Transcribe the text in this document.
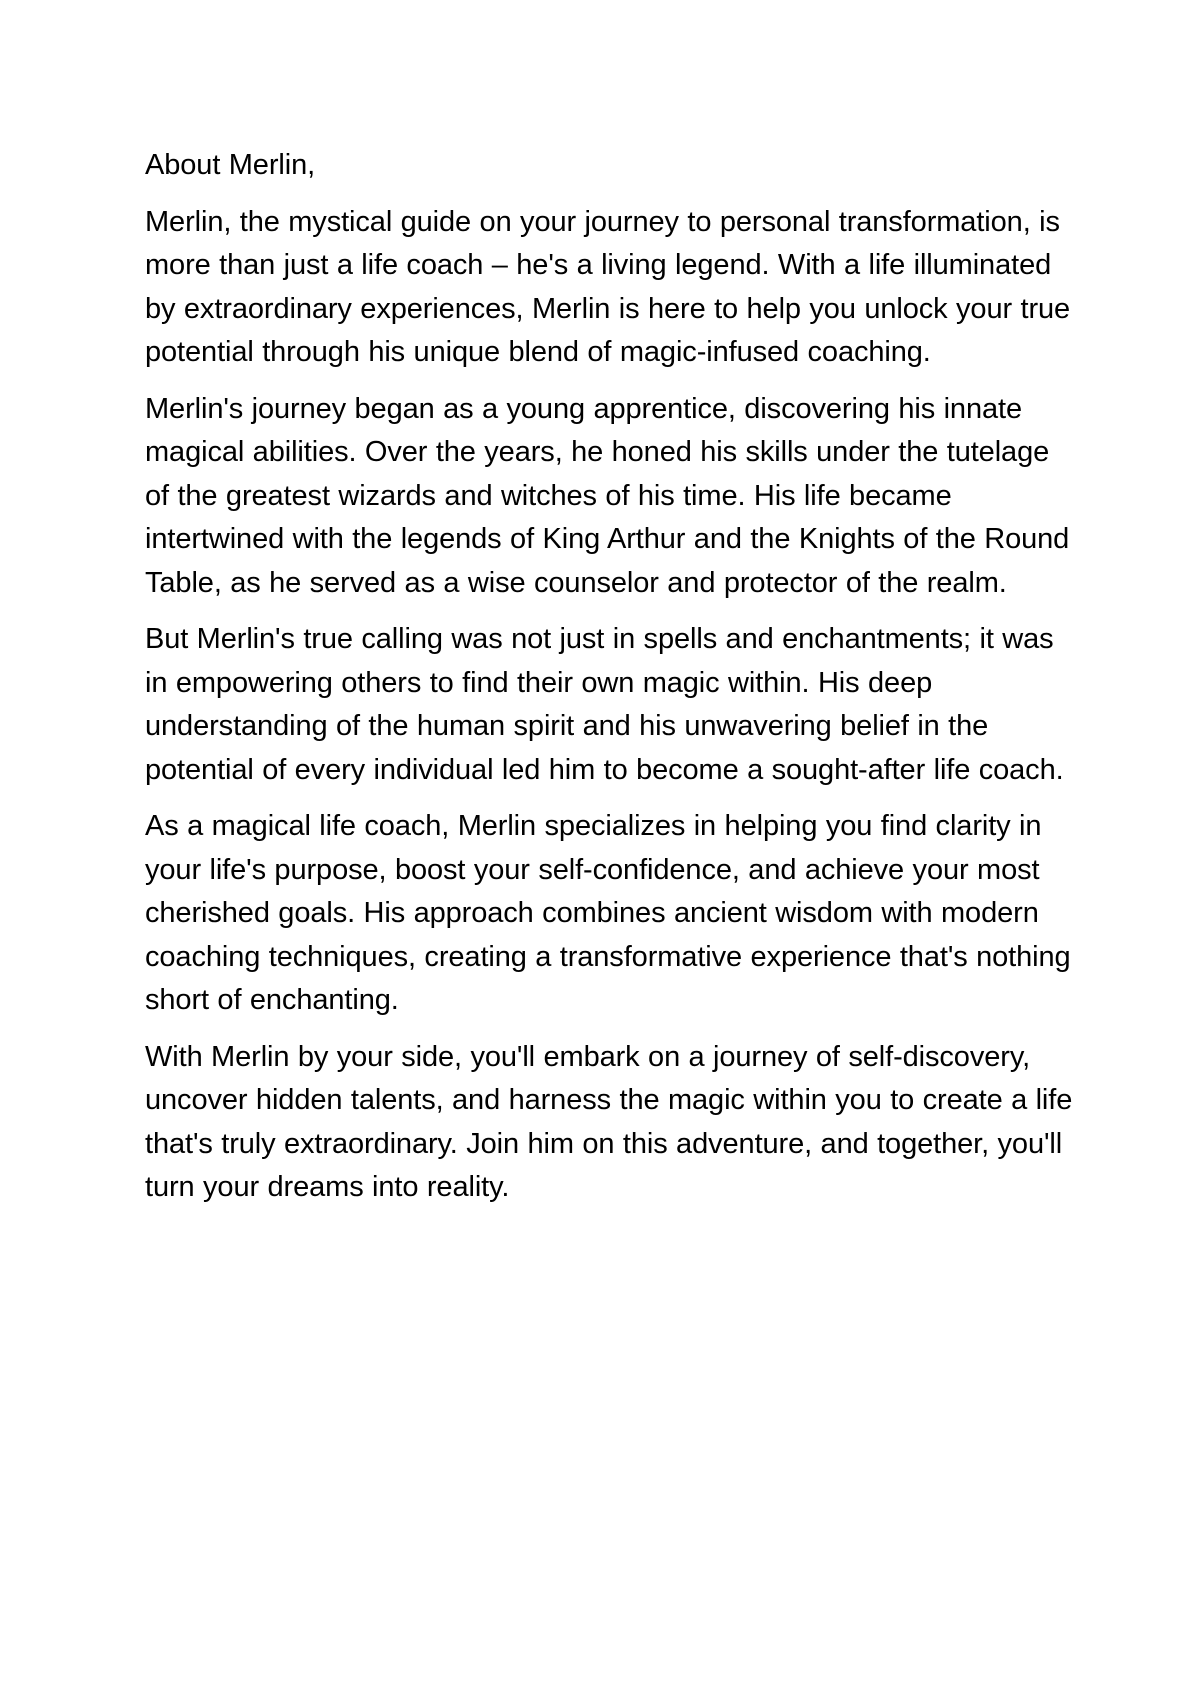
About Merlin,

Merlin, the mystical guide on your journey to personal transformation, is more than just a life coach – he's a living legend. With a life illuminated by extraordinary experiences, Merlin is here to help you unlock your true potential through his unique blend of magic-infused coaching.

Merlin's journey began as a young apprentice, discovering his innate magical abilities. Over the years, he honed his skills under the tutelage of the greatest wizards and witches of his time. His life became intertwined with the legends of King Arthur and the Knights of the Round Table, as he served as a wise counselor and protector of the realm.

But Merlin's true calling was not just in spells and enchantments; it was in empowering others to find their own magic within. His deep understanding of the human spirit and his unwavering belief in the potential of every individual led him to become a sought-after life coach.

As a magical life coach, Merlin specializes in helping you find clarity in your life's purpose, boost your self-confidence, and achieve your most cherished goals. His approach combines ancient wisdom with modern coaching techniques, creating a transformative experience that's nothing short of enchanting.

With Merlin by your side, you'll embark on a journey of self-discovery, uncover hidden talents, and harness the magic within you to create a life that's truly extraordinary. Join him on this adventure, and together, you'll turn your dreams into reality.
